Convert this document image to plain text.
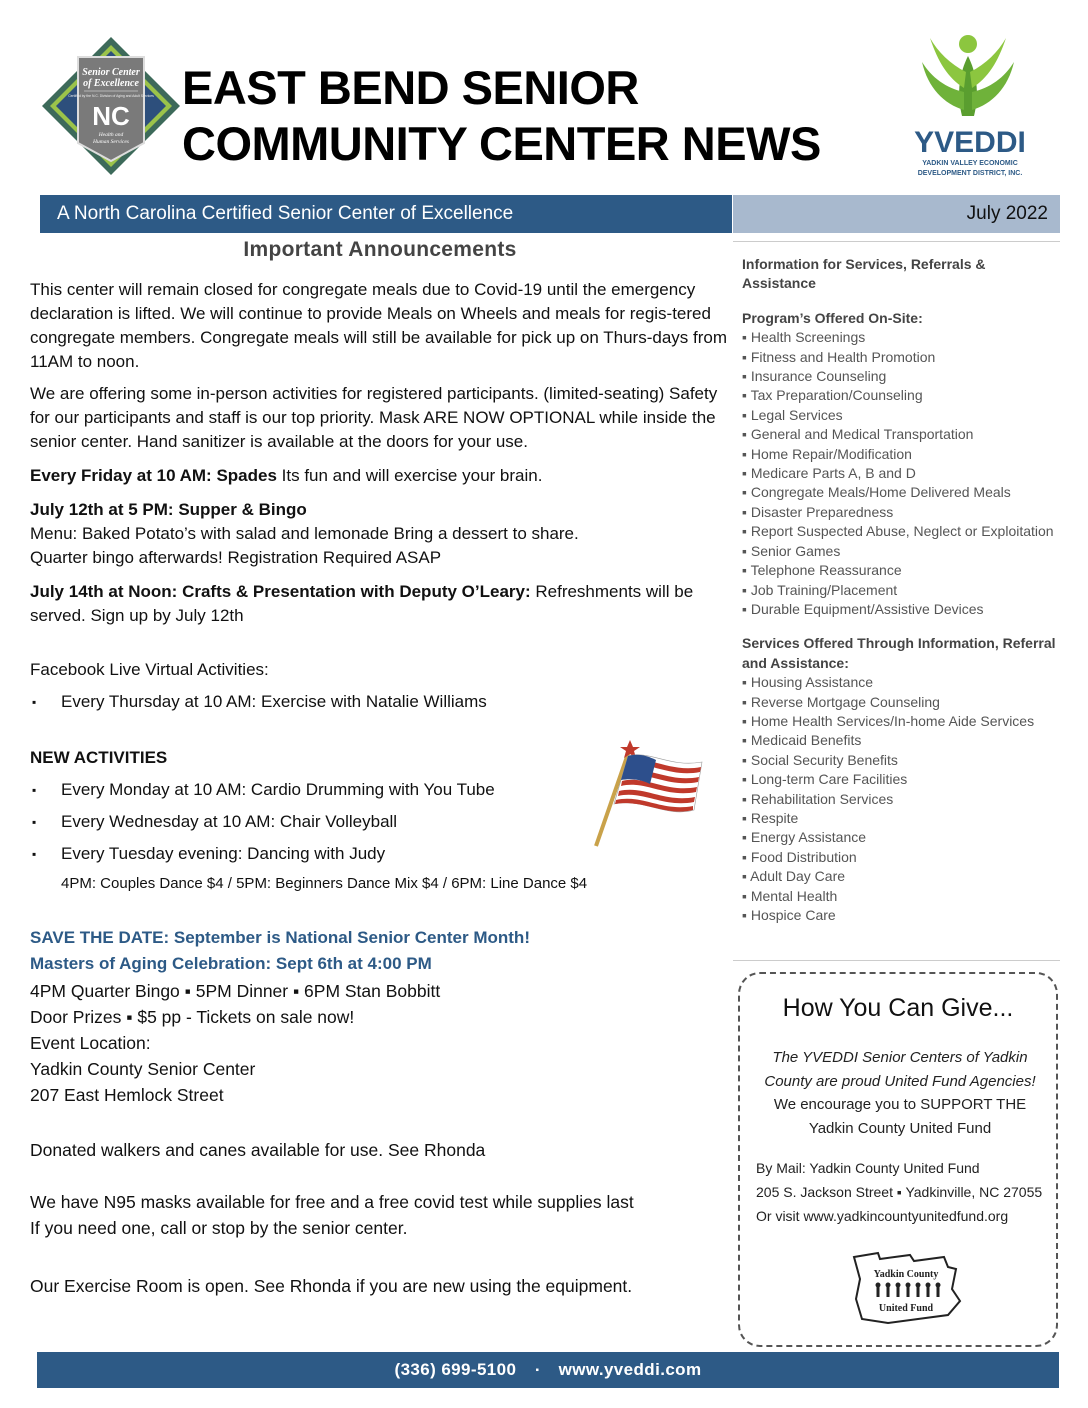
Senior Center
of Excellence
Certified by the N.C. Division of Aging and Adult Services
NC
Health and
Human Services
EAST BEND SENIOR
COMMUNITY CENTER NEWS	YVEDDI
YADKIN VALLEY ECONOMIC
DEVELOPMENT DISTRICT, INC.
A North Carolina Certified Senior Center of Excellence	July 2022

Important Announcements

This center will remain closed for congregate meals due to Covid-19 until the emergency declaration is lifted. We will continue to provide Meals on Wheels and meals for regis-tered congregate members. Congregate meals will still be available for pick up on Thurs-days from 11AM to noon.

We are offering some in-person activities for registered participants. (limited-seating) Safety for our participants and staff is our top priority. Mask ARE NOW OPTIONAL while inside the senior center. Hand sanitizer is available at the doors for your use.

Every Friday at 10 AM: Spades Its fun and will exercise your brain.

July 12th at 5 PM: Supper & Bingo

Menu: Baked Potato’s with salad and lemonade Bring a dessert to share.

Quarter bingo afterwards! Registration Required ASAP

July 14th at Noon: Crafts & Presentation with Deputy O’Leary: Refreshments will be served. Sign up by July 12th

Facebook Live Virtual Activities:

▪ Every Thursday at 10 AM: Exercise with Natalie Williams

NEW ACTIVITIES

▪ Every Monday at 10 AM: Cardio Drumming with You Tube
▪ Every Wednesday at 10 AM: Chair Volleyball
▪ Every Tuesday evening: Dancing with Judy

4PM: Couples Dance $4 / 5PM: Beginners Dance Mix $4 / 6PM: Line Dance $4

SAVE THE DATE: September is National Senior Center Month!

Masters of Aging Celebration: Sept 6th at 4:00 PM

4PM Quarter Bingo ▪ 5PM Dinner ▪ 6PM Stan Bobbitt
Door Prizes ▪ $5 pp - Tickets on sale now!
Event Location:
Yadkin County Senior Center
207 East Hemlock Street

Donated walkers and canes available for use. See Rhonda

We have N95 masks available for free and a free covid test while supplies last

If you need one, call or stop by the senior center.

Our Exercise Room is open. See Rhonda if you are new using the equipment.

Information for Services, Referrals & Assistance
Program’s Offered On-Site:
▪ Health Screenings
▪ Fitness and Health Promotion
▪ Insurance Counseling
▪ Tax Preparation/Counseling
▪ Legal Services
▪ General and Medical Transportation
▪ Home Repair/Modification
▪ Medicare Parts A, B and D
▪ Congregate Meals/Home Delivered Meals
▪ Disaster Preparedness
▪ Report Suspected Abuse, Neglect or Exploitation
▪ Senior Games
▪ Telephone Reassurance
▪ Job Training/Placement
▪ Durable Equipment/Assistive Devices
Services Offered Through Information, Referral and Assistance:
▪ Housing Assistance
▪ Reverse Mortgage Counseling
▪ Home Health Services/In-home Aide Services
▪ Medicaid Benefits
▪ Social Security Benefits
▪ Long-term Care Facilities
▪ Rehabilitation Services
▪ Respite
▪ Energy Assistance
▪ Food Distribution
▪ Adult Day Care
▪ Mental Health
▪ Hospice Care
How You Can Give...
The YVEDDI Senior Centers of Yadkin County are proud United Fund Agencies!
We encourage you to SUPPORT THE Yadkin County United Fund
By Mail: Yadkin County United Fund
205 S. Jackson Street ▪ Yadkinville, NC 27055
Or visit www.yadkincountyunitedfund.org
Yadkin County
United Fund
(336) 699-5100 ▪ www.yveddi.com
